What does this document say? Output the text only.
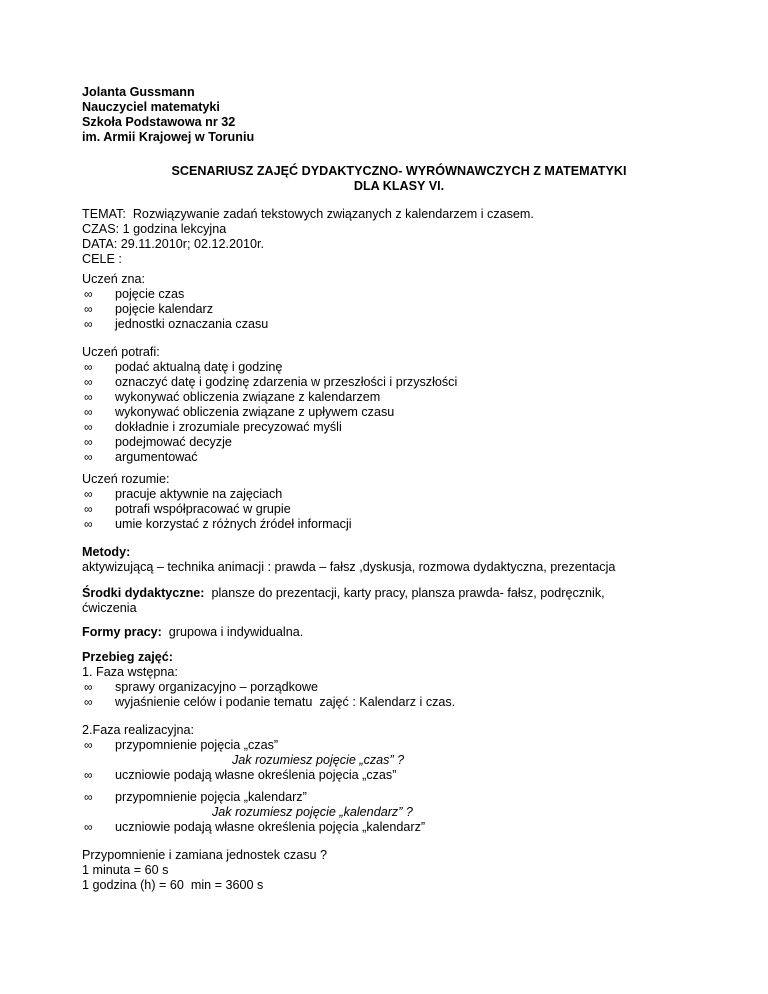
Jolanta Gussmann
Nauczyciel matematyki
Szkoła Podstawowa nr 32
im. Armii Krajowej w Toruniu
SCENARIUSZ ZAJĘĆ DYDAKTYCZNO- WYRÓWNAWCZYCH Z MATEMATYKI
DLA KLASY VI.
TEMAT:  Rozwiązywanie zadań tekstowych związanych z kalendarzem i czasem.
CZAS: 1 godzina lekcyjna
DATA: 29.11.2010r; 02.12.2010r.
CELE :
Uczeń zna:
∞ pojęcie czas
∞ pojęcie kalendarz
∞ jednostki oznaczania czasu
Uczeń potrafi:
∞ podać aktualną datę i godzinę
∞ oznaczyć datę i godzinę zdarzenia w przeszłości i przyszłości
∞ wykonywać obliczenia związane z kalendarzem
∞ wykonywać obliczenia związane z upływem czasu
∞ dokładnie i zrozumiale precyzować myśli
∞ podejmować decyzje
∞ argumentować
Uczeń rozumie:
∞ pracuje aktywnie na zajęciach
∞ potrafi współpracować w grupie
∞ umie korzystać z różnych źródeł informacji
Metody:
aktywizującą – technika animacji : prawda – fałsz ,dyskusja, rozmowa dydaktyczna, prezentacja
Środki dydaktyczne:  plansze do prezentacji, karty pracy, plansza prawda- fałsz, podręcznik,
ćwiczenia
Formy pracy:  grupowa i indywidualna.
Przebieg zajęć:
1. Faza wstępna:
∞ sprawy organizacyjno – porządkowe
∞ wyjaśnienie celów i podanie tematu  zajęć : Kalendarz i czas.
2.Faza realizacyjna:
∞ przypomnienie pojęcia „czas”
Jak rozumiesz pojęcie „czas” ?
∞ uczniowie podają własne określenia pojęcia „czas”
∞ przypomnienie pojęcia „kalendarz”
Jak rozumiesz pojęcie „kalendarz” ?
∞ uczniowie podają własne określenia pojęcia „kalendarz”
Przypomnienie i zamiana jednostek czasu ?
1 minuta = 60 s
1 godzina (h) = 60  min = 3600 s
